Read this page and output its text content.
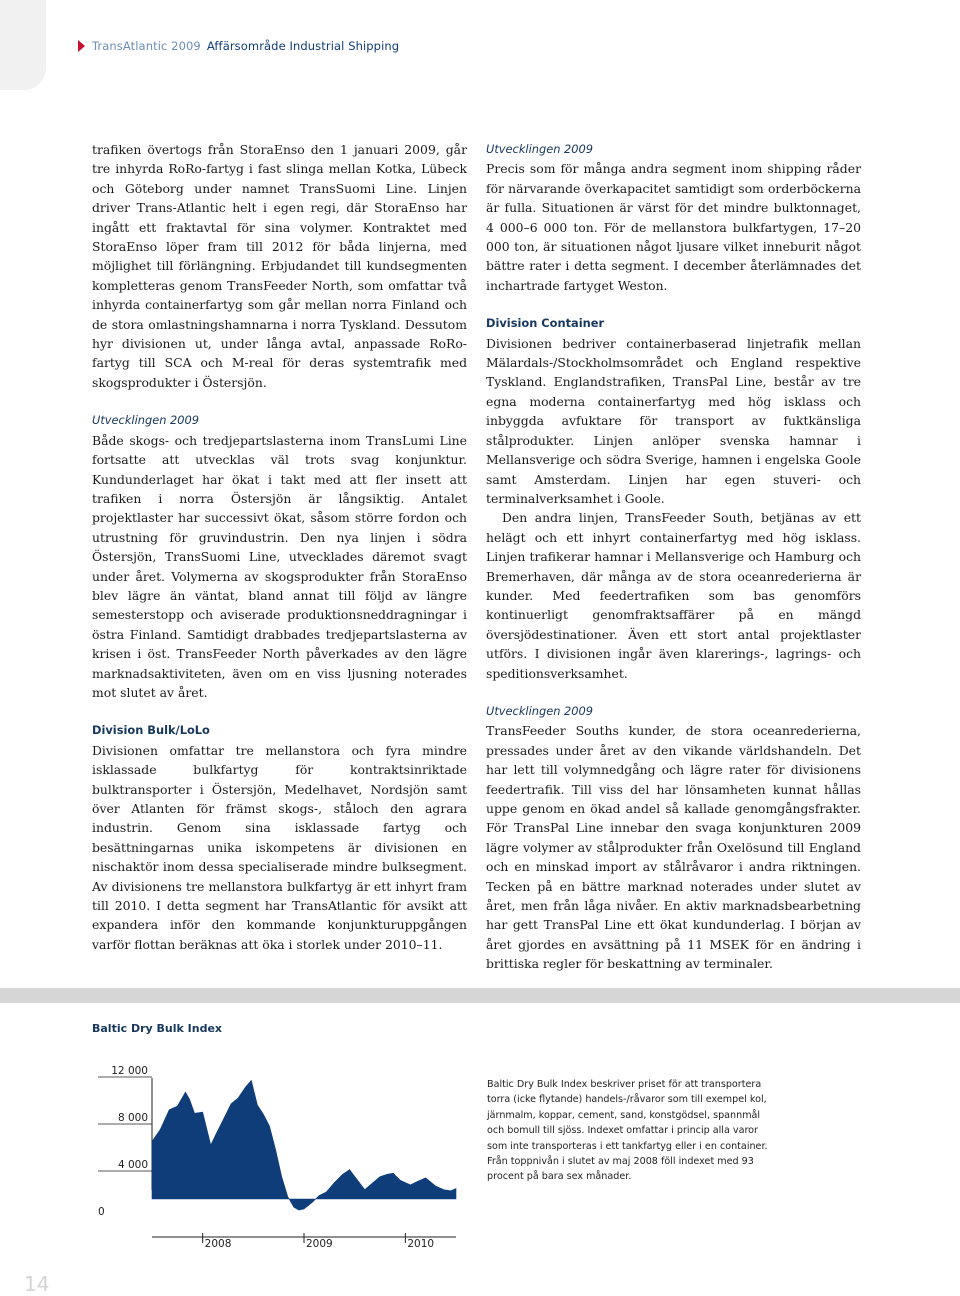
TransAtlantic 2009 Affärsområde Industrial Shipping

trafiken övertogs från StoraEnso den 1 januari 2009, går tre inhyrda RoRo-fartyg i fast slinga mellan Kotka, Lübeck och Göteborg under namnet TransSuomi Line. Linjen driver Trans-Atlantic helt i egen regi, där StoraEnso har ingått ett fraktavtal för sina volymer. Kontraktet med StoraEnso löper fram till 2012 för båda linjerna, med möjlighet till förlängning. Erbjudandet till kundsegmenten kompletteras genom TransFeeder North, som omfattar två inhyrda containerfartyg som går mellan norra Finland och de stora omlastningshamnarna i norra Tyskland. Dessutom hyr divisionen ut, under långa avtal, anpassade RoRo-fartyg till SCA och M-real för deras systemtrafik med skogsprodukter i Östersjön.

Utvecklingen 2009

Både skogs- och tredjepartslasterna inom TransLumi Line fortsatte att utvecklas väl trots svag konjunktur. Kundunderlaget har ökat i takt med att fler insett att trafiken i norra Östersjön är långsiktig. Antalet projektlaster har successivt ökat, såsom större fordon och utrustning för gruvindustrin. Den nya linjen i södra Östersjön, TransSuomi Line, utvecklades däremot svagt under året. Volymerna av skogsprodukter från StoraEnso blev lägre än väntat, bland annat till följd av längre semesterstopp och aviserade produktionsneddragningar i östra Finland. Samtidigt drabbades tredjepartslasterna av krisen i öst. TransFeeder North påverkades av den lägre marknadsaktiviteten, även om en viss ljusning noterades mot slutet av året.

Division Bulk/LoLo

Divisionen omfattar tre mellanstora och fyra mindre isklassade bulkfartyg för kontraktsinriktade bulktransporter i Östersjön, Medelhavet, Nordsjön samt över Atlanten för främst skogs-, ståloch den agrara industrin. Genom sina isklassade fartyg och besättningarnas unika iskompetens är divisionen en nischaktör inom dessa specialiserade mindre bulksegment. Av divisionens tre mellanstora bulkfartyg är ett inhyrt fram till 2010. I detta segment har TransAtlantic för avsikt att expandera inför den kommande konjunkturuppgången varför flottan beräknas att öka i storlek under 2010–11.

Utvecklingen 2009

Precis som för många andra segment inom shipping råder för närvarande överkapacitet samtidigt som orderböckerna är fulla. Situationen är värst för det mindre bulktonnaget, 4 000–6 000 ton. För de mellanstora bulkfartygen, 17–20 000 ton, är situationen något ljusare vilket inneburit något bättre rater i detta segment. I december återlämnades det inchartrade fartyget Weston.

Division Container

Divisionen bedriver containerbaserad linjetrafik mellan Mälardals-/Stockholmsområdet och England respektive Tyskland. Englandstrafiken, TransPal Line, består av tre egna moderna containerfartyg med hög isklass och inbyggda avfuktare för transport av fuktkänsliga stålprodukter. Linjen anlöper svenska hamnar i Mellansverige och södra Sverige, hamnen i engelska Goole samt Amsterdam. Linjen har egen stuveri- och terminalverksamhet i Goole.

Den andra linjen, TransFeeder South, betjänas av ett helägt och ett inhyrt containerfartyg med hög isklass. Linjen trafikerar hamnar i Mellansverige och Hamburg och Bremerhaven, där många av de stora oceanrederierna är kunder. Med feedertrafiken som bas genomförs kontinuerligt genomfraktsaffärer på en mängd översjödestinationer. Även ett stort antal projektlaster utförs. I divisionen ingår även klarerings-, lagrings- och speditionsverksamhet.

Utvecklingen 2009

TransFeeder Souths kunder, de stora oceanrederierna, pressades under året av den vikande världshandeln. Det har lett till volymnedgång och lägre rater för divisionens feedertrafik. Till viss del har lönsamheten kunnat hållas uppe genom en ökad andel så kallade genomgångsfrakter. För TransPal Line innebar den svaga konjunkturen 2009 lägre volymer av stålprodukter från Oxelösund till England och en minskad import av stålråvaror i andra riktningen. Tecken på en bättre marknad noterades under slutet av året, men från låga nivåer. En aktiv marknadsbearbetning har gett TransPal Line ett ökat kundunderlag. I början av året gjordes en avsättning på 11 MSEK för en ändring i brittiska regler för beskattning av terminaler.

Baltic Dry Bulk Index
0
4 000
8 000
12 000
2008	2009	2010

Baltic Dry Bulk Index beskriver priset för att transportera torra (icke flytande) handels-/råvaror som till exempel kol, järnmalm, koppar, cement, sand, konstgödsel, spannmål och bomull till sjöss. Indexet omfattar i princip alla varor som inte transporteras i ett tankfartyg eller i en container. Från toppnivån i slutet av maj 2008 föll indexet med 93 procent på bara sex månader.

14
